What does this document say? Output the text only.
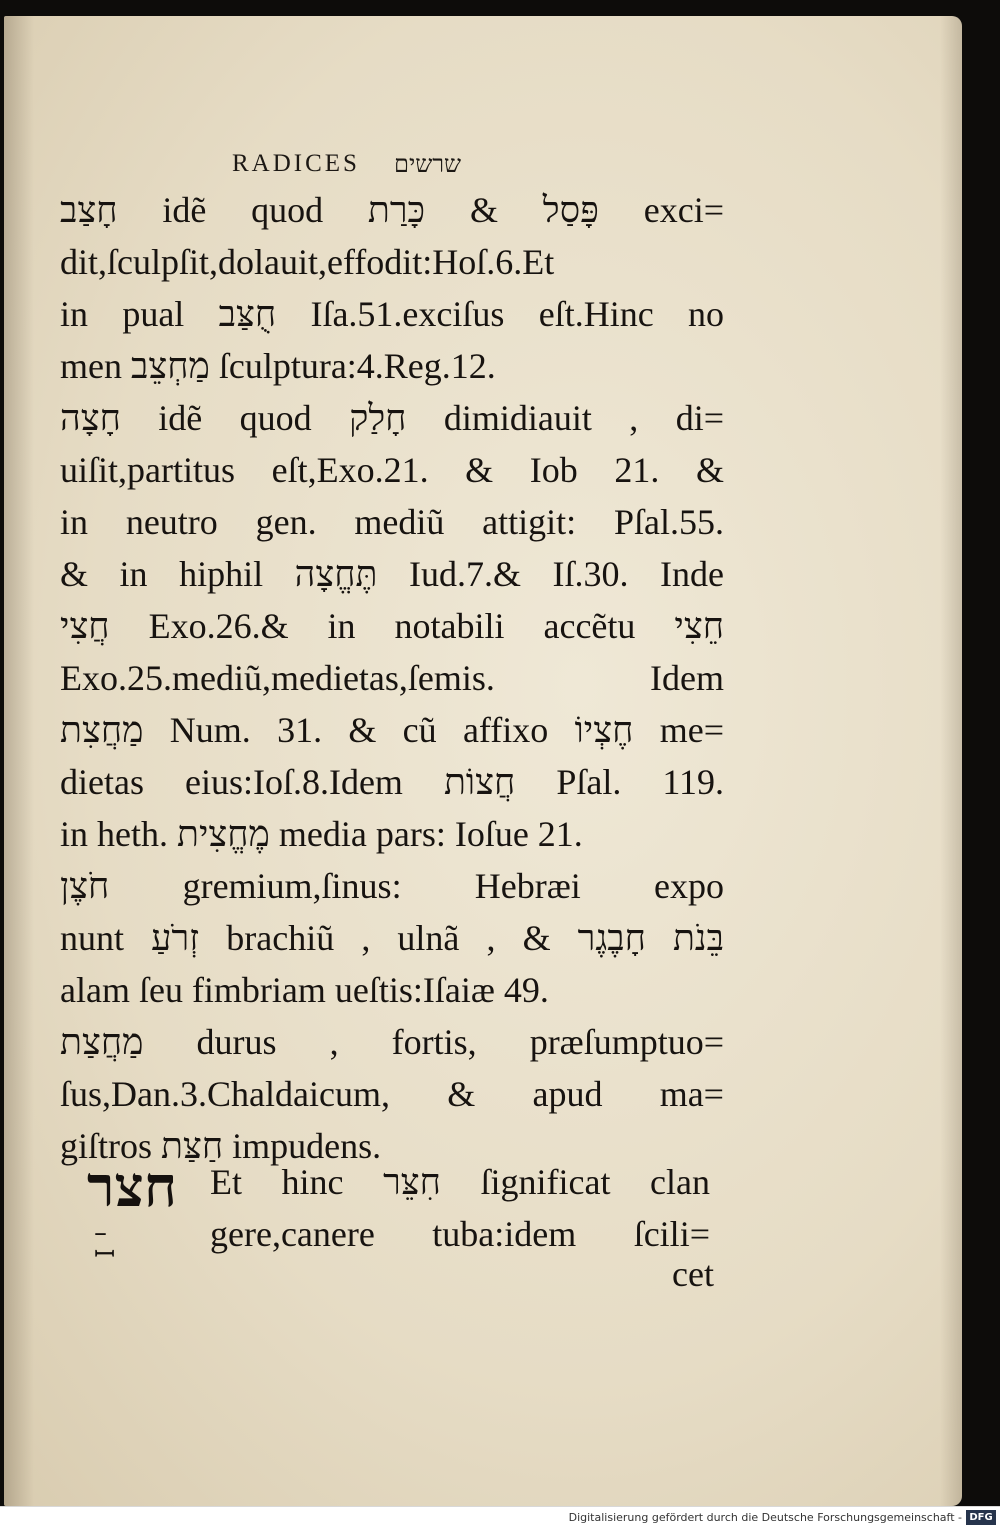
RADICES שרשים
חָצַב idẽ quod פָּסַל & כָּרַת exci=
dit,ſculpſit,dolauit,effodit:Hoſ.6.Et
in pual חֻצַּב Iſa.51.exciſus eſt.Hinc no
men מַחְצֵב ſculptura:4.Reg.12.
חָצָה idẽ quod חָלַק dimidiauit , di=
uiſit,partitus eſt,Exo.21. & Iob 21. &
in neutro gen. mediũ attigit: Pſal.55.
& in hiphil תֶּחֱצָה Iud.7.& Iſ.30. Inde
חֲצִי Exo.26.& in notabili accẽtu חֵצִי
Exo.25.mediũ,medietas,ſemis. Idem
מַחֲצִת Num. 31. & cũ affixo חֶצְיוֹ me=
dietas eius:Ioſ.8.Idem חֲצוֹת Pſal. 119.
in heth. מֶחֱצִית media pars: Ioſue 21.
חֹצֶן gremium,ſinus: Hebræi expo
nunt זְרֹעַ brachiũ , ulnã , & בֵּנֹת חָבֶגֶר
alam ſeu fimbriam ueſtis:Iſaiæ 49.
מַחֲצַת durus , fortis, præſumptuo=
ſus,Dan.3.Chaldaicum, & apud ma=
giſtros חַצַּת impudens.
חצר
– ꟷ
Et hinc חִצֵּר ſignificat clan
gere,canere tuba:idem ſcili=
cet
Digitalisierung gefördert durch die Deutsche Forschungsgemeinschaft - DFG
